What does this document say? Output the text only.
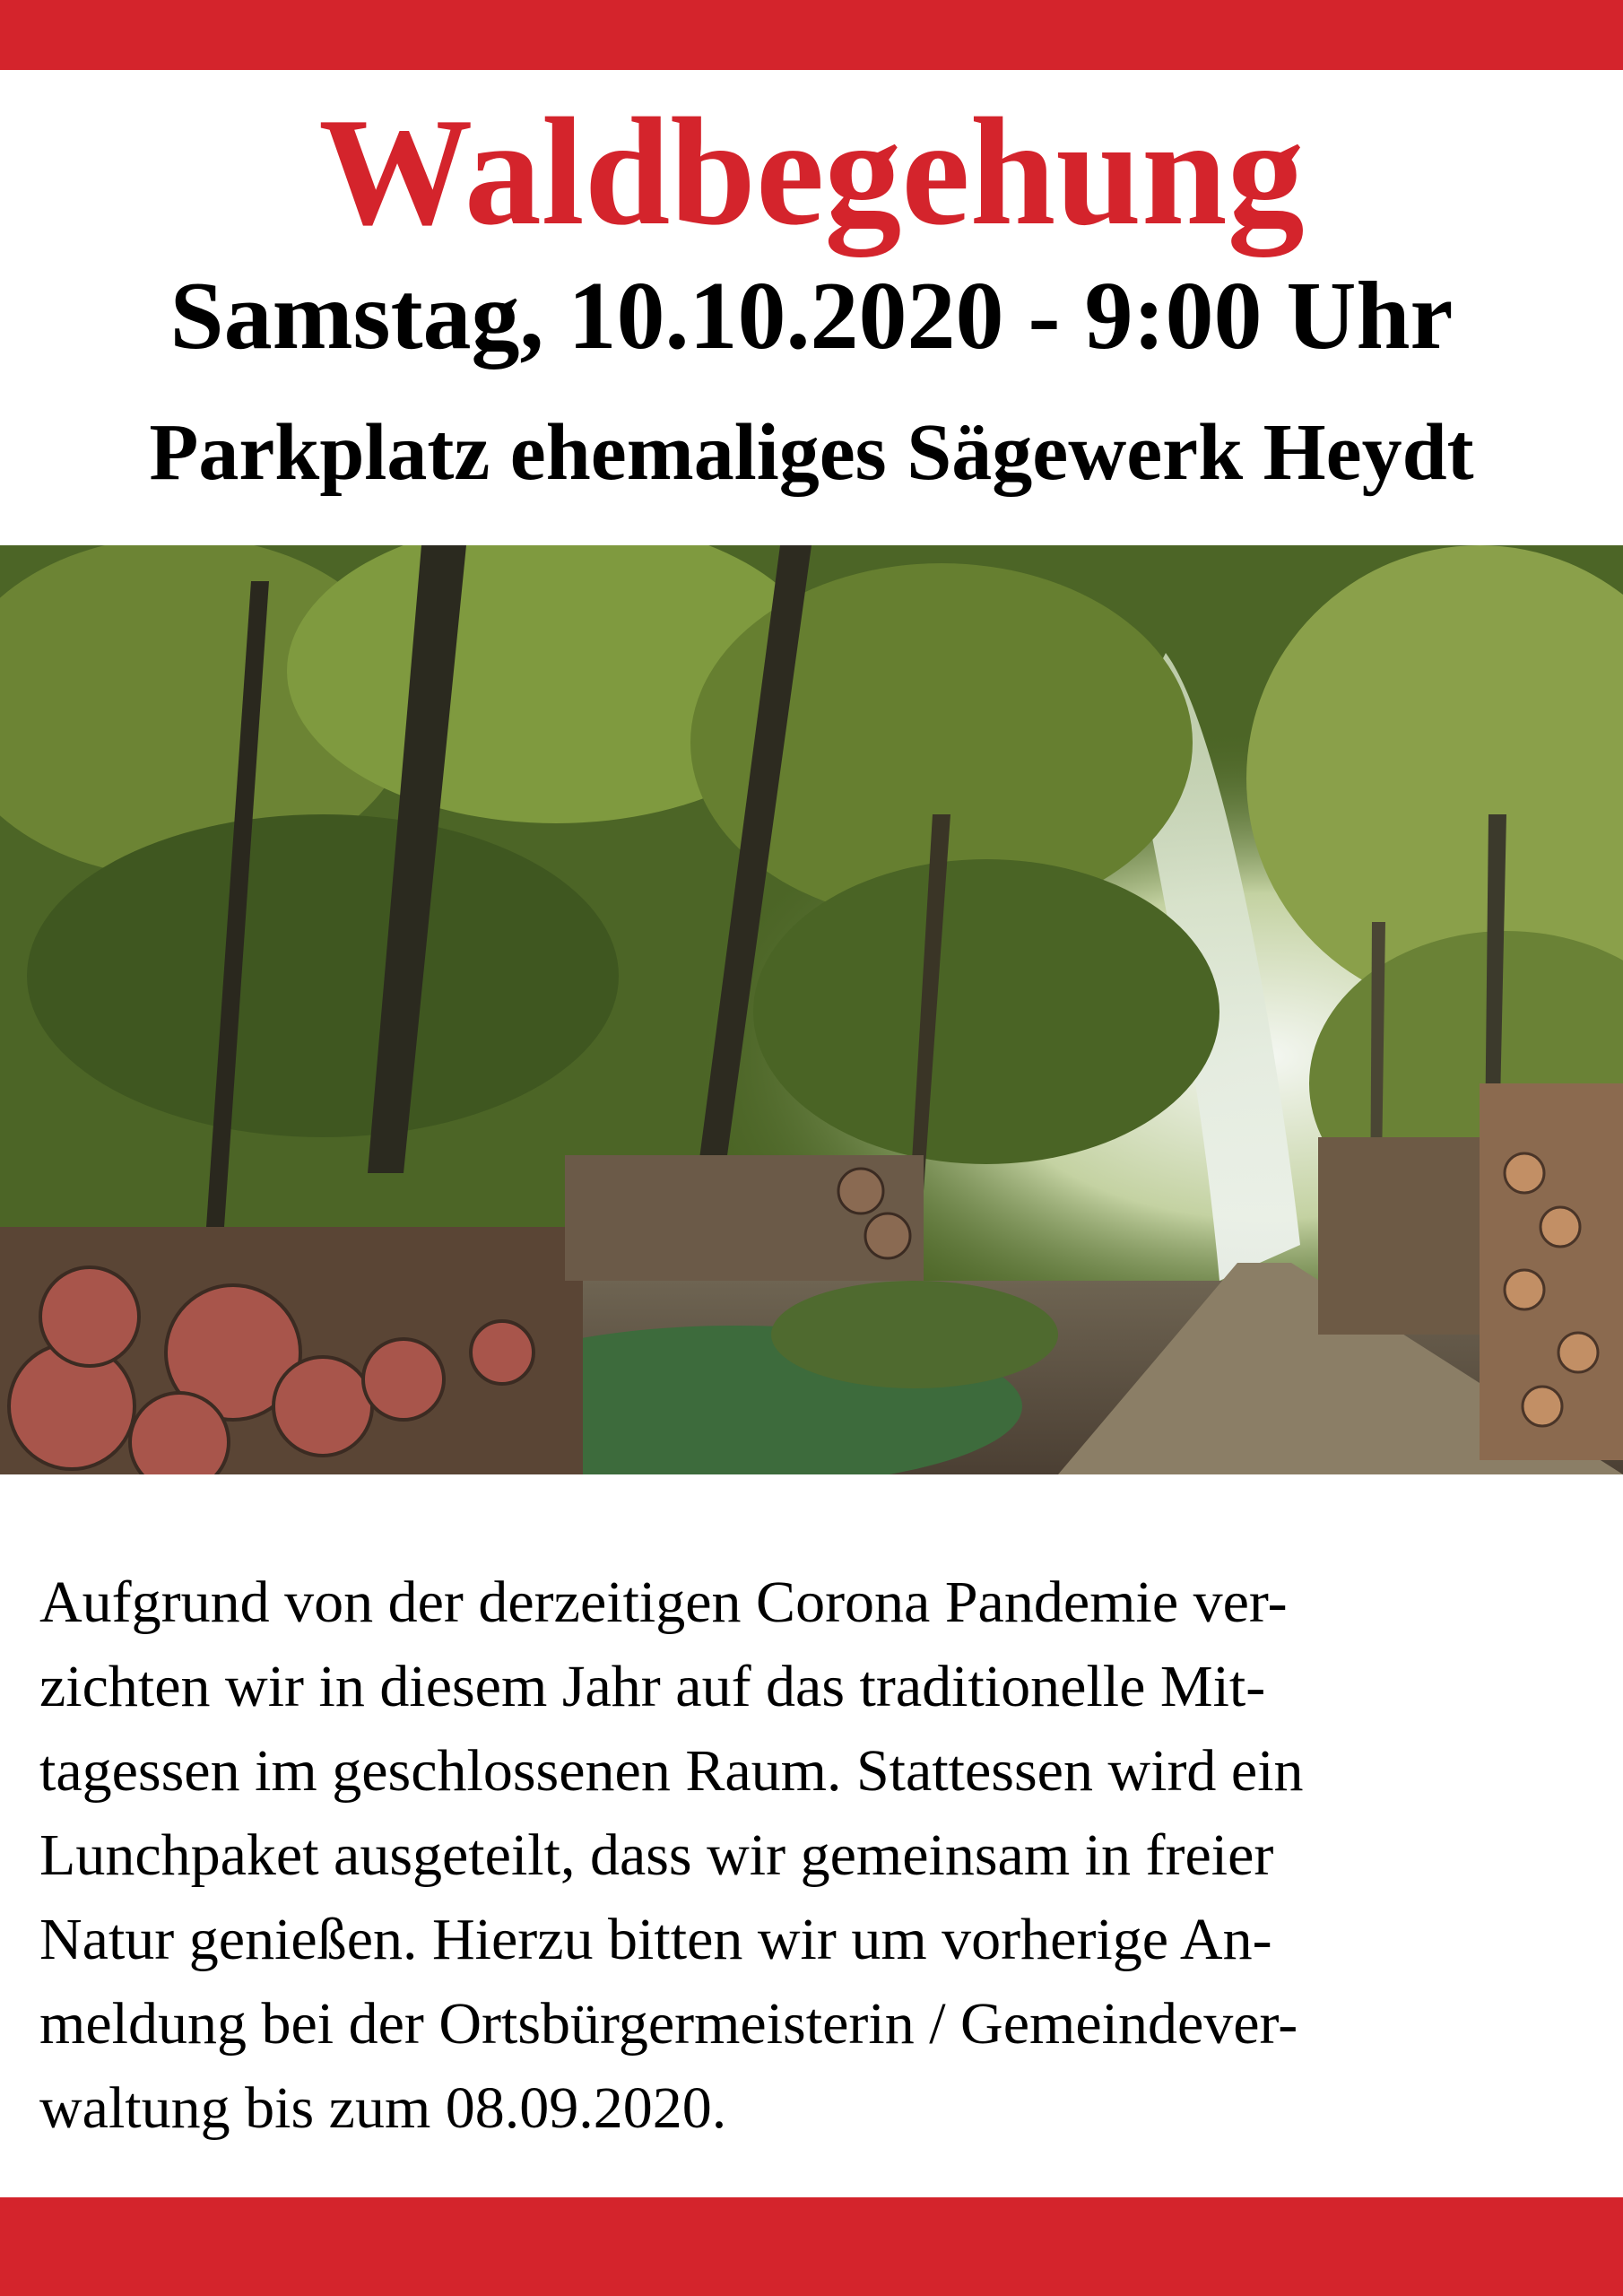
Waldbegehung
Samstag, 10.10.2020 - 9:00 Uhr
Parkplatz ehemaliges Sägewerk Heydt

Aufgrund von der derzeitigen Corona Pandemie ver-
zichten wir in diesem Jahr auf das traditionelle Mit-
tagessen im geschlossenen Raum. Stattessen wird ein
Lunchpaket ausgeteilt, dass wir gemeinsam in freier
Natur genießen. Hierzu bitten wir um vorherige An-
meldung bei der Ortsbürgermeisterin / Gemeindever-
waltung bis zum 08.09.2020.
